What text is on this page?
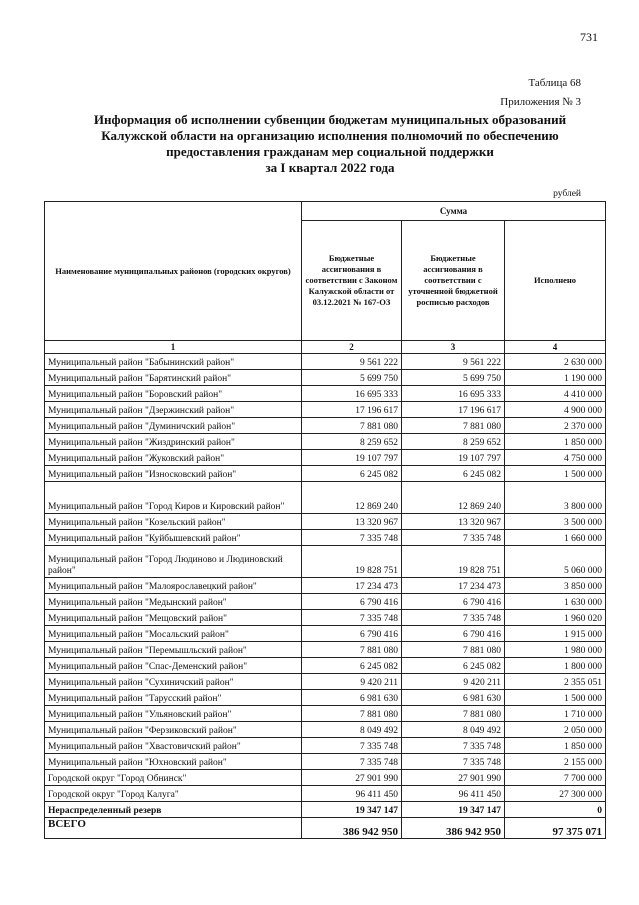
731
Таблица 68
Приложения № 3
Информация об исполнении субвенции бюджетам муниципальных образований
Калужской области на организацию исполнения полномочий по обеспечению
предоставления гражданам мер социальной поддержки
за I квартал 2022 года
рублей
Наименование муниципальных районов (городских округов)	Сумма		
	Бюджетные ассигнования в соответствии с Законом Калужской области от 03.12.2021 № 167-ОЗ	Бюджетные ассигнования в соответствии с уточненной бюджетной росписью расходов	Исполнено
1	2	3	4
Муниципальный район "Бабынинский район"	9 561 222	9 561 222	2 630 000
Муниципальный район "Барятинский район"	5 699 750	5 699 750	1 190 000
Муниципальный район "Боровский район"	16 695 333	16 695 333	4 410 000
Муниципальный район "Дзержинский район"	17 196 617	17 196 617	4 900 000
Муниципальный район "Думиничский район"	7 881 080	7 881 080	2 370 000
Муниципальный район "Жиздринский район"	8 259 652	8 259 652	1 850 000
Муниципальный район "Жуковский район"	19 107 797	19 107 797	4 750 000
Муниципальный район "Износковский район"	6 245 082	6 245 082	1 500 000
Муниципальный район "Город Киров и Кировский район"	12 869 240	12 869 240	3 800 000
Муниципальный район "Козельский район"	13 320 967	13 320 967	3 500 000
Муниципальный район "Куйбышевский район"	7 335 748	7 335 748	1 660 000
Муниципальный район "Город Людиново и Людиновский район"	19 828 751	19 828 751	5 060 000
Муниципальный район "Малоярославецкий район"	17 234 473	17 234 473	3 850 000
Муниципальный район "Медынский район"	6 790 416	6 790 416	1 630 000
Муниципальный район "Мещовский район"	7 335 748	7 335 748	1 960 020
Муниципальный район "Мосальский район"	6 790 416	6 790 416	1 915 000
Муниципальный район "Перемышльский район"	7 881 080	7 881 080	1 980 000
Муниципальный район "Спас-Деменский район"	6 245 082	6 245 082	1 800 000
Муниципальный район "Сухиничский район"	9 420 211	9 420 211	2 355 051
Муниципальный район "Тарусский район"	6 981 630	6 981 630	1 500 000
Муниципальный район "Ульяновский район"	7 881 080	7 881 080	1 710 000
Муниципальный район "Ферзиковский район"	8 049 492	8 049 492	2 050 000
Муниципальный район "Хвастовичский район"	7 335 748	7 335 748	1 850 000
Муниципальный район "Юхновский район"	7 335 748	7 335 748	2 155 000
Городской округ "Город Обнинск"	27 901 990	27 901 990	7 700 000
Городской округ "Город Калуга"	96 411 450	96 411 450	27 300 000
Нераспределенный резерв	19 347 147	19 347 147	0
ВСЕГО	386 942 950	386 942 950	97 375 071
